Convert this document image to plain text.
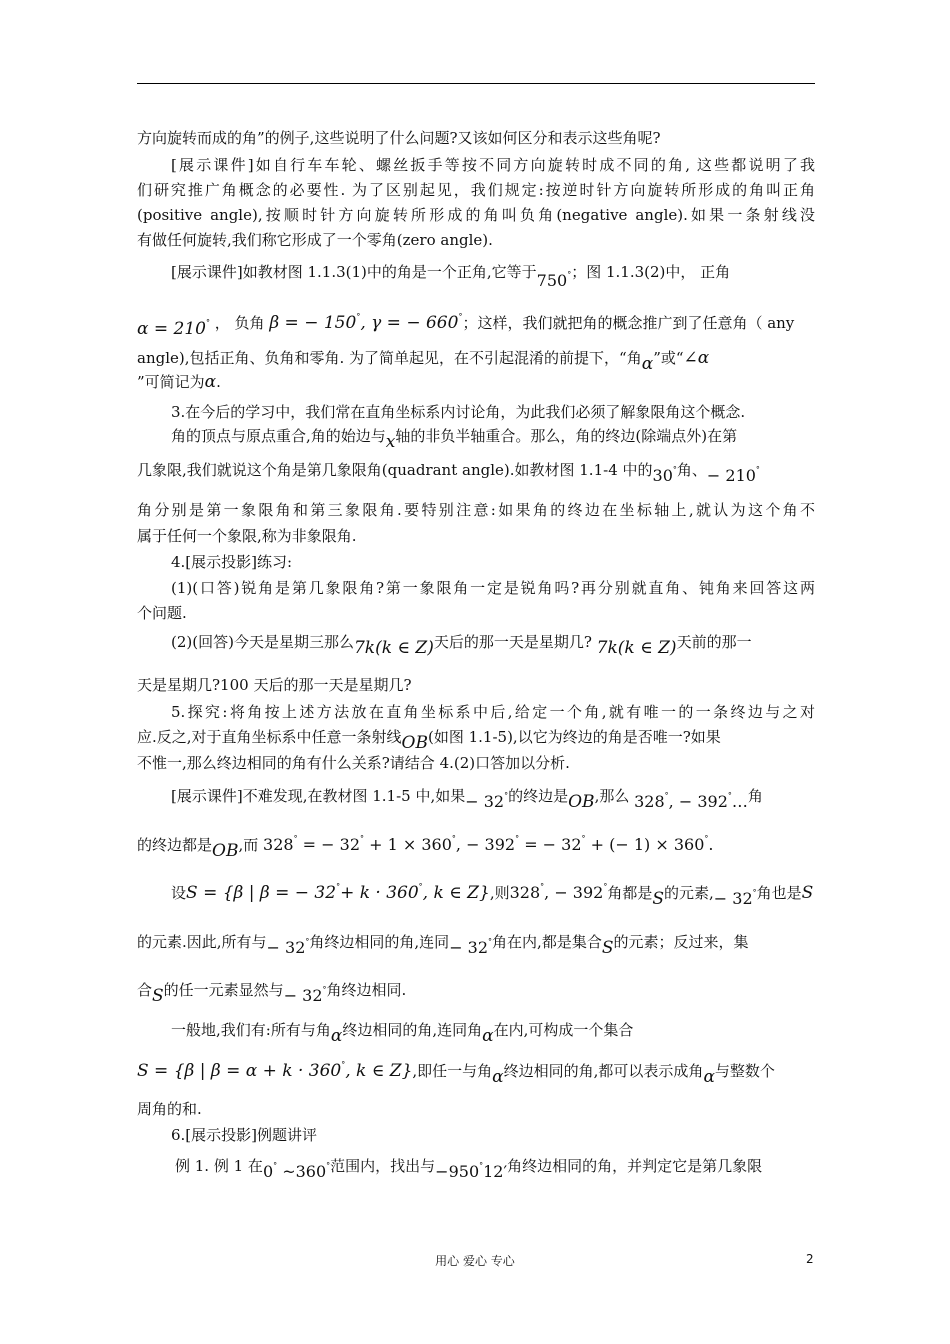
方向旋转而成的角”的例子,这些说明了什么问题?又该如何区分和表示这些角呢?
[展示课件]如自行车车轮、螺丝扳手等按不同方向旋转时成不同的角, 这些都说明了我
们研究推广角概念的必要性. 为了区别起见，我们规定:按逆时针方向旋转所形成的角叫正角
(positive angle),按顺时针方向旋转所形成的角叫负角(negative angle).如果一条射线没
有做任何旋转,我们称它形成了一个零角(zero angle).
[展示课件]如教材图 1.1.3(1)中的角是一个正角,它等于750°；图 1.1.3(2)中， 正角
α = 210° ， 负角 β = − 150°, γ = − 660°；这样，我们就把角的概念推广到了任意角（ any
angle),包括正角、负角和零角. 为了简单起见，在不引起混淆的前提下，“角α”或“∠α
”可简记为α.
3.在今后的学习中，我们常在直角坐标系内讨论角，为此我们必须了解象限角这个概念.
角的顶点与原点重合,角的始边与x轴的非负半轴重合。那么，角的终边(除端点外)在第
几象限,我们就说这个角是第几象限角(quadrant angle).如教材图 1.1-4 中的30°角、− 210°
角分别是第一象限角和第三象限角.要特别注意:如果角的终边在坐标轴上,就认为这个角不
属于任何一个象限,称为非象限角.
4.[展示投影]练习:
(1)(口答)锐角是第几象限角?第一象限角一定是锐角吗?再分别就直角、钝角来回答这两
个问题.
(2)(回答)今天是星期三那么7k(k ∈ Z)天后的那一天是星期几? 7k(k ∈ Z)天前的那一
天是星期几?100 天后的那一天是星期几?
5.探究:将角按上述方法放在直角坐标系中后,给定一个角,就有唯一的一条终边与之对
应.反之,对于直角坐标系中任意一条射线OB(如图 1.1-5),以它为终边的角是否唯一?如果
不惟一,那么终边相同的角有什么关系?请结合 4.(2)口答加以分析.
[展示课件]不难发现,在教材图 1.1-5 中,如果− 32°的终边是OB,那么 328°, − 392°…角
的终边都是OB,而 328° = − 32° + 1 × 360°, − 392° = − 32° + (− 1) × 360°.
设S = {β | β = − 32°+ k · 360°, k ∈ Z},则328°, − 392°角都是S的元素,− 32°角也是S
的元素.因此,所有与− 32°角终边相同的角,连同− 32°角在内,都是集合S的元素；反过来，集
合S的任一元素显然与− 32°角终边相同.
一般地,我们有:所有与角α终边相同的角,连同角α在内,可构成一个集合
S = {β | β = α + k · 360°, k ∈ Z},即任一与角α终边相同的角,都可以表示成角α与整数个
周角的和.
6.[展示投影]例题讲评
例 1. 例 1 在0° ~360°范围内，找出与−950°12′角终边相同的角，并判定它是第几象限
用心 爱心 专心	2
